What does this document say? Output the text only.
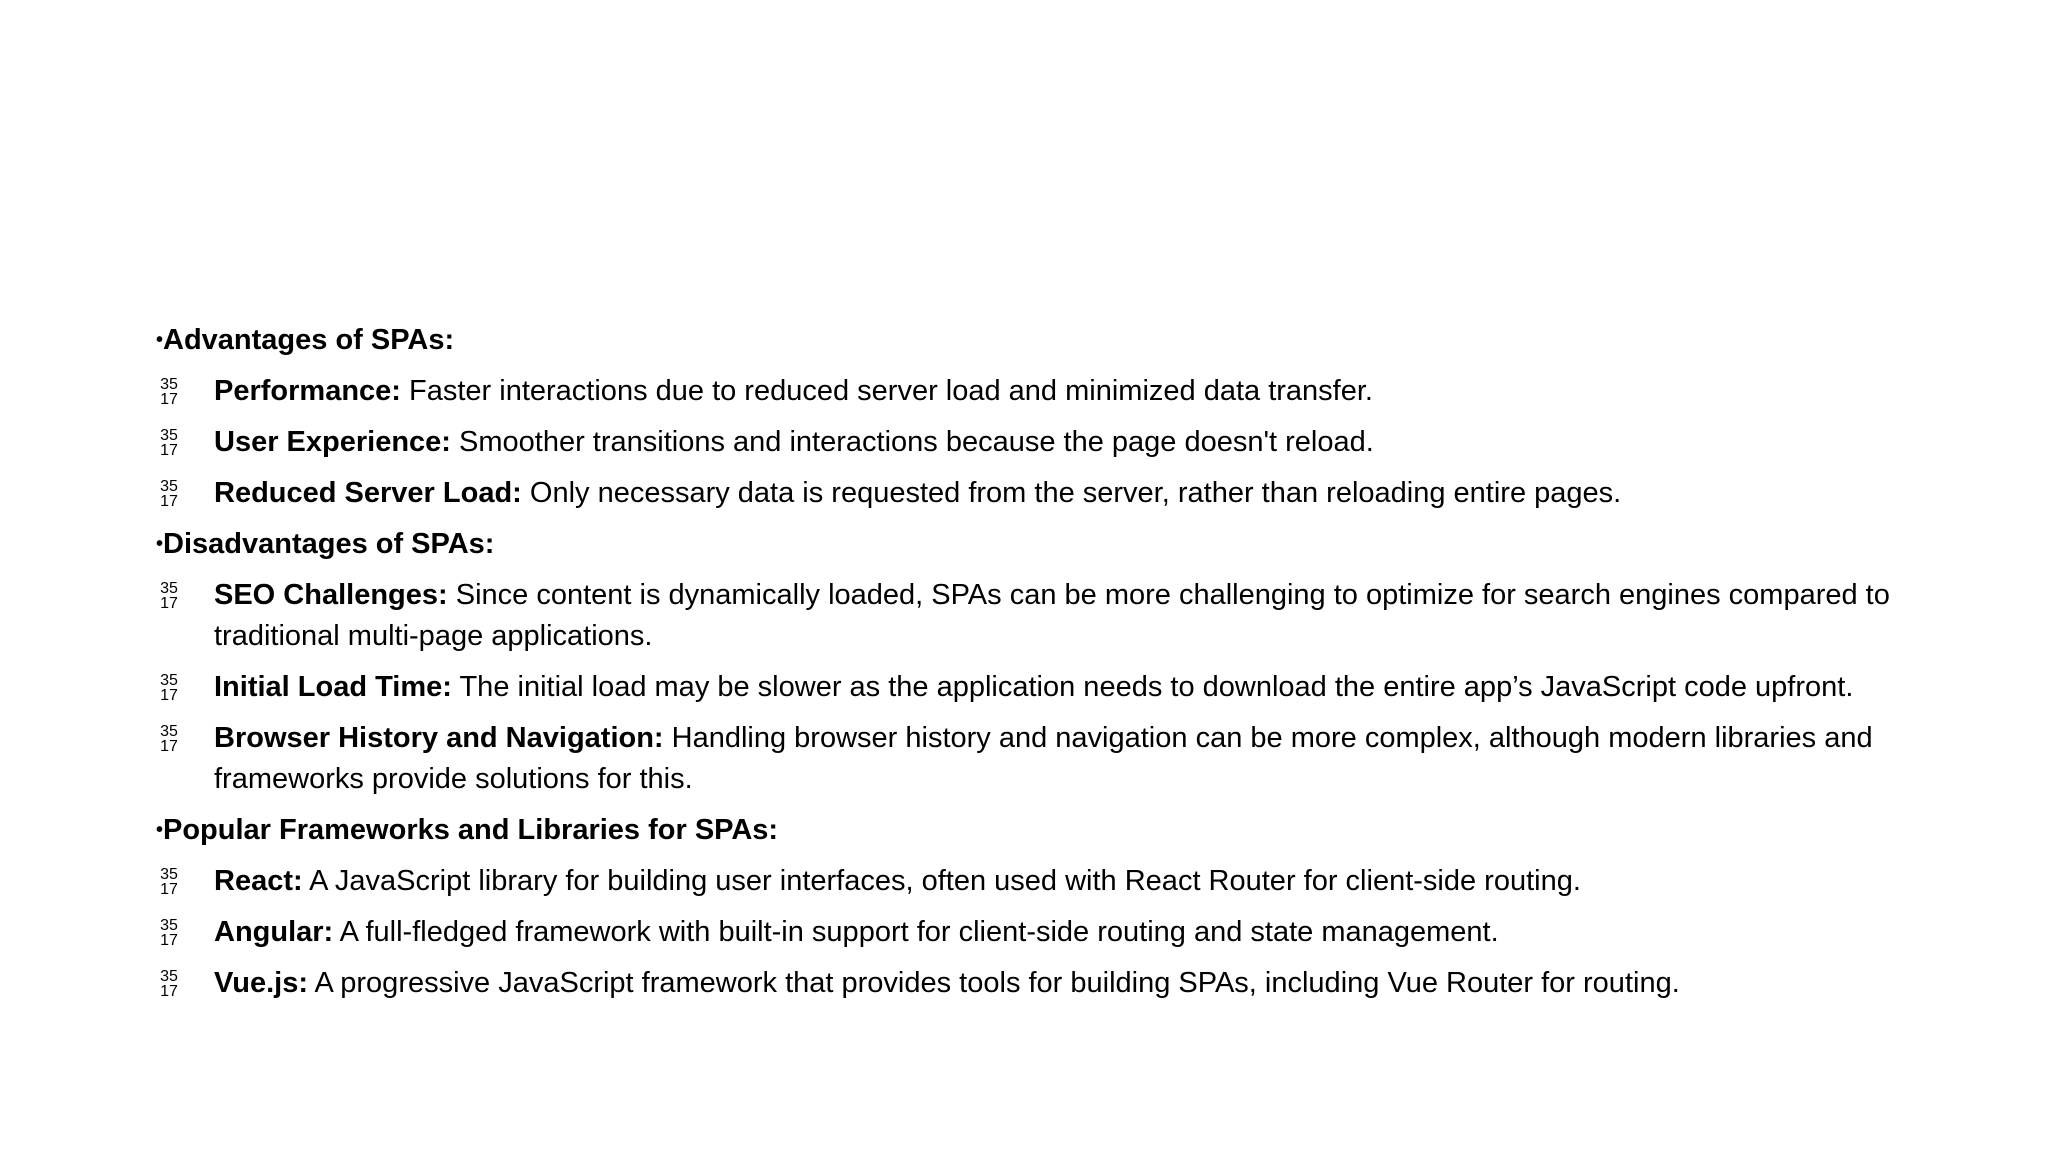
• Advantages of SPAs:
35
17 Performance: Faster interactions due to reduced server load and minimized data transfer.
35
17 User Experience: Smoother transitions and interactions because the page doesn't reload.
35
17 Reduced Server Load: Only necessary data is requested from the server, rather than reloading entire pages.
• Disadvantages of SPAs:
35
17 SEO Challenges: Since content is dynamically loaded, SPAs can be more challenging to optimize for search engines compared to traditional multi-page applications.
35
17 Initial Load Time: The initial load may be slower as the application needs to download the entire app’s JavaScript code upfront.
35
17 Browser History and Navigation: Handling browser history and navigation can be more complex, although modern libraries and frameworks provide solutions for this.
• Popular Frameworks and Libraries for SPAs:
35
17 React: A JavaScript library for building user interfaces, often used with React Router for client-side routing.
35
17 Angular: A full-fledged framework with built-in support for client-side routing and state management.
35
17 Vue.js: A progressive JavaScript framework that provides tools for building SPAs, including Vue Router for routing.
